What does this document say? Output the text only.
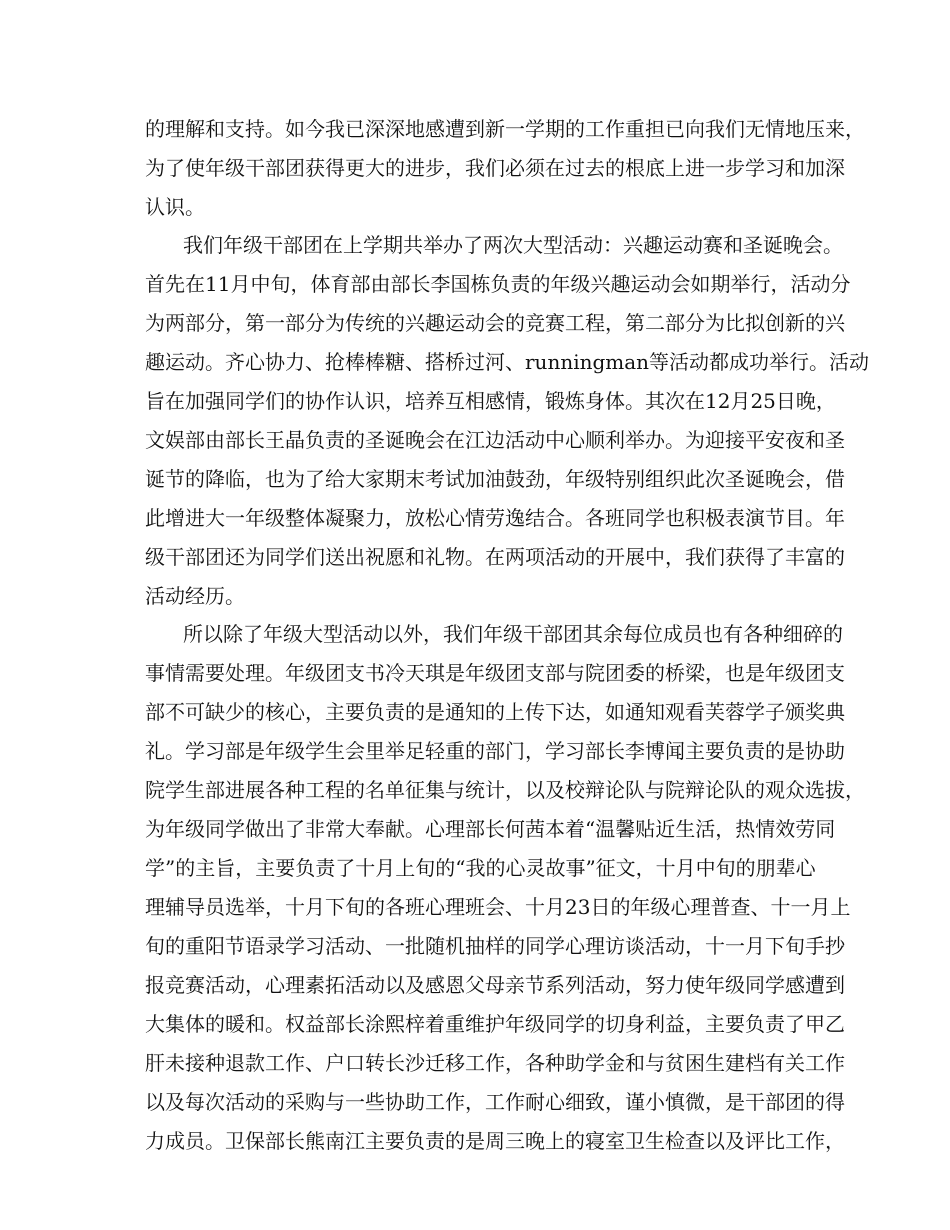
的理解和支持。如今我已深深地感遭到新一学期的工作重担已向我们无情地压来，
为了使年级干部团获得更大的进步，我们必须在过去的根底上进一步学习和加深
认识。
我们年级干部团在上学期共举办了两次大型活动：兴趣运动赛和圣诞晚会。
首先在11月中旬，体育部由部长李国栋负责的年级兴趣运动会如期举行，活动分
为两部分，第一部分为传统的兴趣运动会的竞赛工程，第二部分为比拟创新的兴
趣运动。齐心协力、抢棒棒糖、搭桥过河、runningman等活动都成功举行。活动
旨在加强同学们的协作认识，培养互相感情，锻炼身体。其次在12月25日晚，
文娱部由部长王晶负责的圣诞晚会在江边活动中心顺利举办。为迎接平安夜和圣
诞节的降临，也为了给大家期末考试加油鼓劲，年级特别组织此次圣诞晚会，借
此增进大一年级整体凝聚力，放松心情劳逸结合。各班同学也积极表演节目。年
级干部团还为同学们送出祝愿和礼物。在两项活动的开展中，我们获得了丰富的
活动经历。
所以除了年级大型活动以外，我们年级干部团其余每位成员也有各种细碎的
事情需要处理。年级团支书冷天琪是年级团支部与院团委的桥梁，也是年级团支
部不可缺少的核心，主要负责的是通知的上传下达，如通知观看芙蓉学子颁奖典
礼。学习部是年级学生会里举足轻重的部门，学习部长李博闻主要负责的是协助
院学生部进展各种工程的名单征集与统计，以及校辩论队与院辩论队的观众选拔，
为年级同学做出了非常大奉献。心理部长何茜本着“温馨贴近生活，热情效劳同
学”的主旨，主要负责了十月上旬的“我的心灵故事”征文，十月中旬的朋辈心
理辅导员选举，十月下旬的各班心理班会、十月23日的年级心理普查、十一月上
旬的重阳节语录学习活动、一批随机抽样的同学心理访谈活动，十一月下旬手抄
报竞赛活动，心理素拓活动以及感恩父母亲节系列活动，努力使年级同学感遭到
大集体的暖和。权益部长涂熙梓着重维护年级同学的切身利益，主要负责了甲乙
肝未接种退款工作、户口转长沙迁移工作，各种助学金和与贫困生建档有关工作
以及每次活动的采购与一些协助工作，工作耐心细致，谨小慎微，是干部团的得
力成员。卫保部长熊南江主要负责的是周三晚上的寝室卫生检查以及评比工作，
